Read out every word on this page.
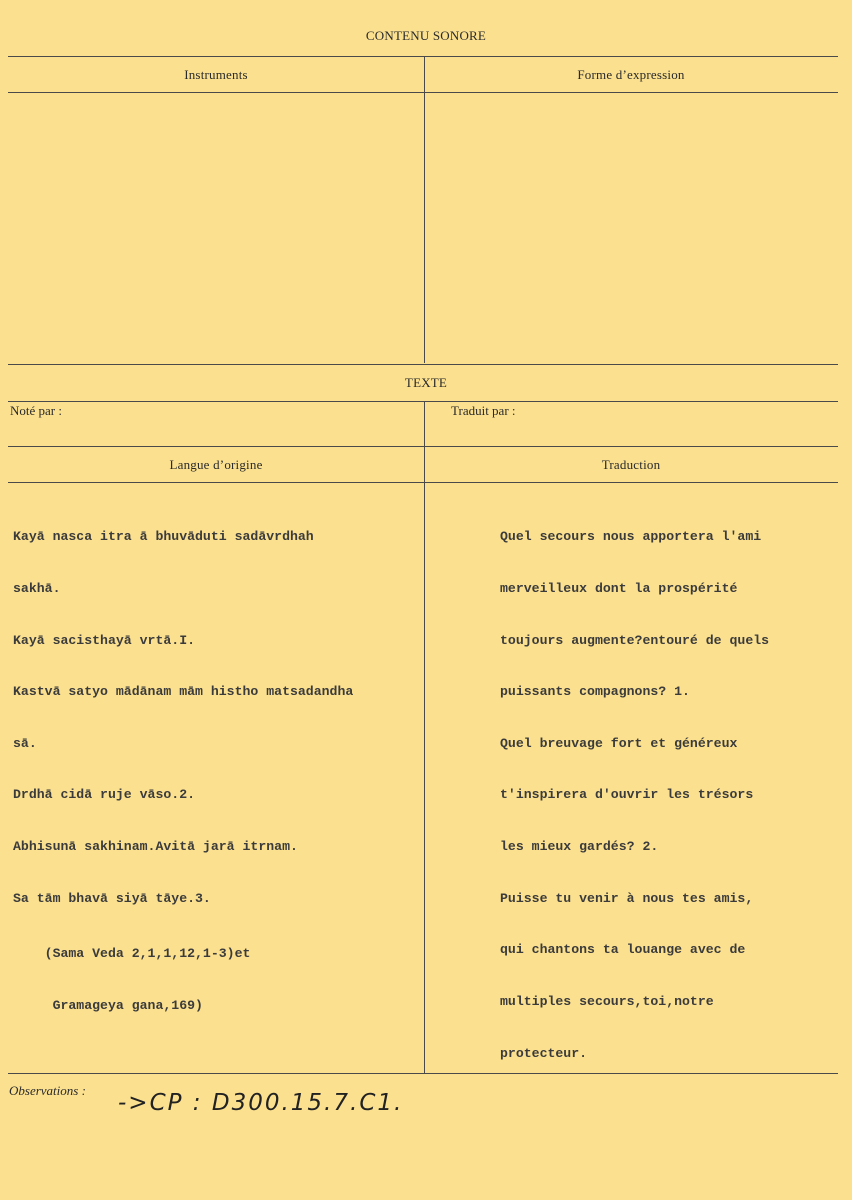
CONTENU SONORE
Instruments	Forme d’expression
TEXTE
Noté par :	Traduit par :
Langue d’origine	Traduction

Kayā nasca itra ā bhuvāduti sadāvrdhah

sakhā.

Kayā sacisthayā vrtā.I.

Kastvā satyo mādānam mām histho matsadandha

sā.

Drdhā cidā ruje vāso.2.

Abhisunā sakhinam.Avitā jarā itrnam.

Sa tām bhavā siyā tāye.3.

(Sama Veda 2,1,1,12,1-3)et

Gramageya gana,169)

Quel secours nous apportera l'ami

merveilleux dont la prospérité

toujours augmente?entouré de quels

puissants compagnons? 1.

Quel breuvage fort et généreux

t'inspirera d'ouvrir les trésors

les mieux gardés? 2.

Puisse tu venir à nous tes amis,

qui chantons ta louange avec de

multiples secours,toi,notre

protecteur.

Observations : ->CP : D300.15.7.C1.
